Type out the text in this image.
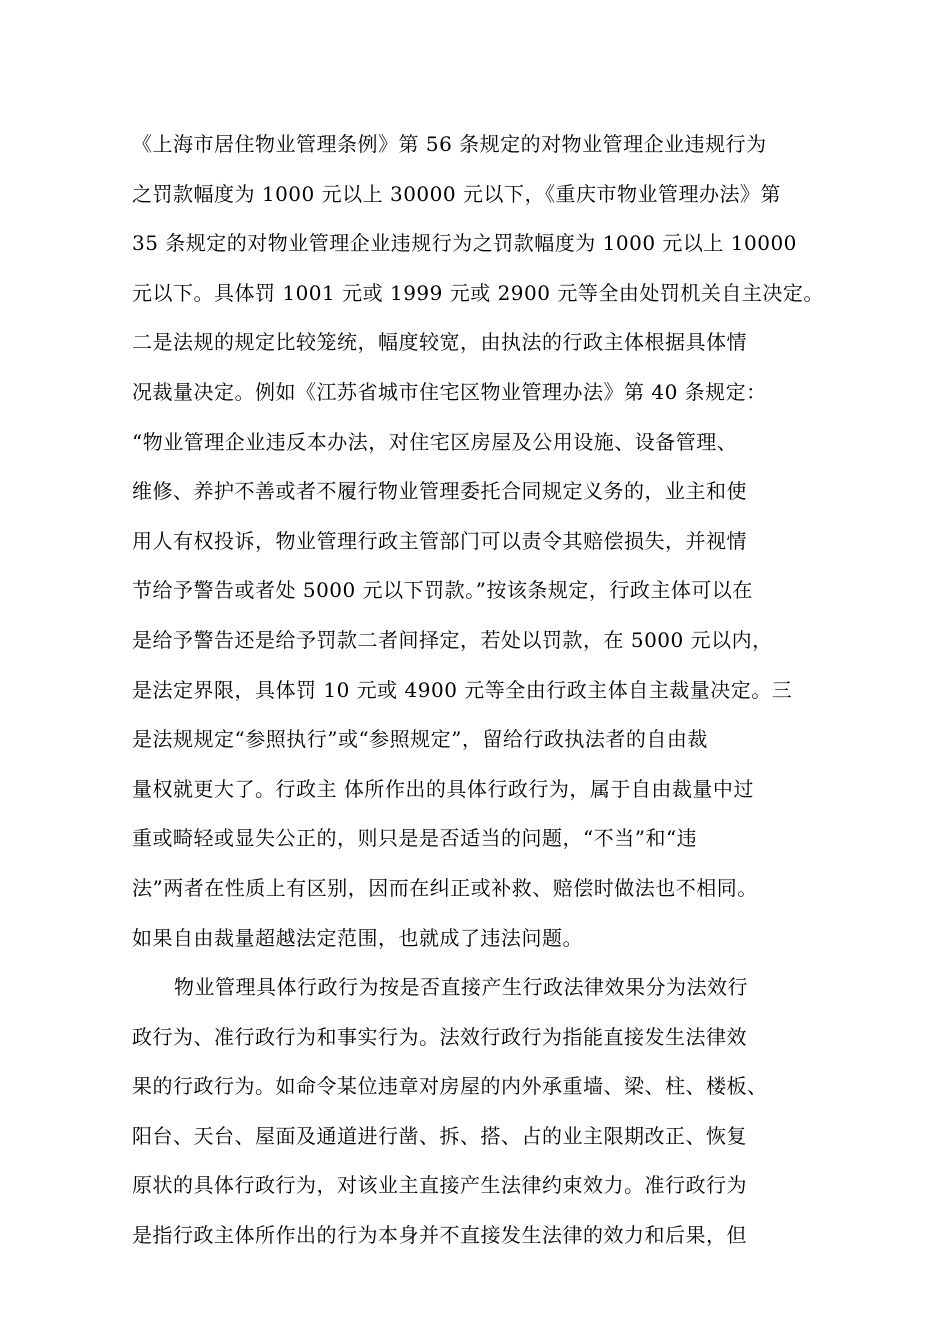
《上海市居住物业管理条例》第 56 条规定的对物业管理企业违规行为
之罚款幅度为 1000 元以上 30000 元以下，《重庆市物业管理办法》第
35 条规定的对物业管理企业违规行为之罚款幅度为 1000 元以上 10000
元以下。具体罚 1001 元或 1999 元或 2900 元等全由处罚机关自主决定。
二是法规的规定比较笼统，幅度较宽，由执法的行政主体根据具体情
况裁量决定。例如《江苏省城市住宅区物业管理办法》第 40 条规定：
“物业管理企业违反本办法，对住宅区房屋及公用设施、设备管理、
维修、养护不善或者不履行物业管理委托合同规定义务的，业主和使
用人有权投诉，物业管理行政主管部门可以责令其赔偿损失，并视情
节给予警告或者处 5000 元以下罚款。”按该条规定，行政主体可以在
是给予警告还是给予罚款二者间择定，若处以罚款，在 5000 元以内，
是法定界限，具体罚 10 元或 4900 元等全由行政主体自主裁量决定。三
是法规规定“参照执行”或“参照规定”，留给行政执法者的自由裁
量权就更大了。行政主 体所作出的具体行政行为，属于自由裁量中过
重或畸轻或显失公正的，则只是是否适当的问题，“不当”和“违
法”两者在性质上有区别，因而在纠正或补救、赔偿时做法也不相同。
如果自由裁量超越法定范围，也就成了违法问题。
物业管理具体行政行为按是否直接产生行政法律效果分为法效行
政行为、准行政行为和事实行为。法效行政行为指能直接发生法律效
果的行政行为。如命令某位违章对房屋的内外承重墙、梁、柱、楼板、
阳台、天台、屋面及通道进行凿、拆、搭、占的业主限期改正、恢复
原状的具体行政行为，对该业主直接产生法律约束效力。准行政行为
是指行政主体所作出的行为本身并不直接发生法律的效力和后果，但
